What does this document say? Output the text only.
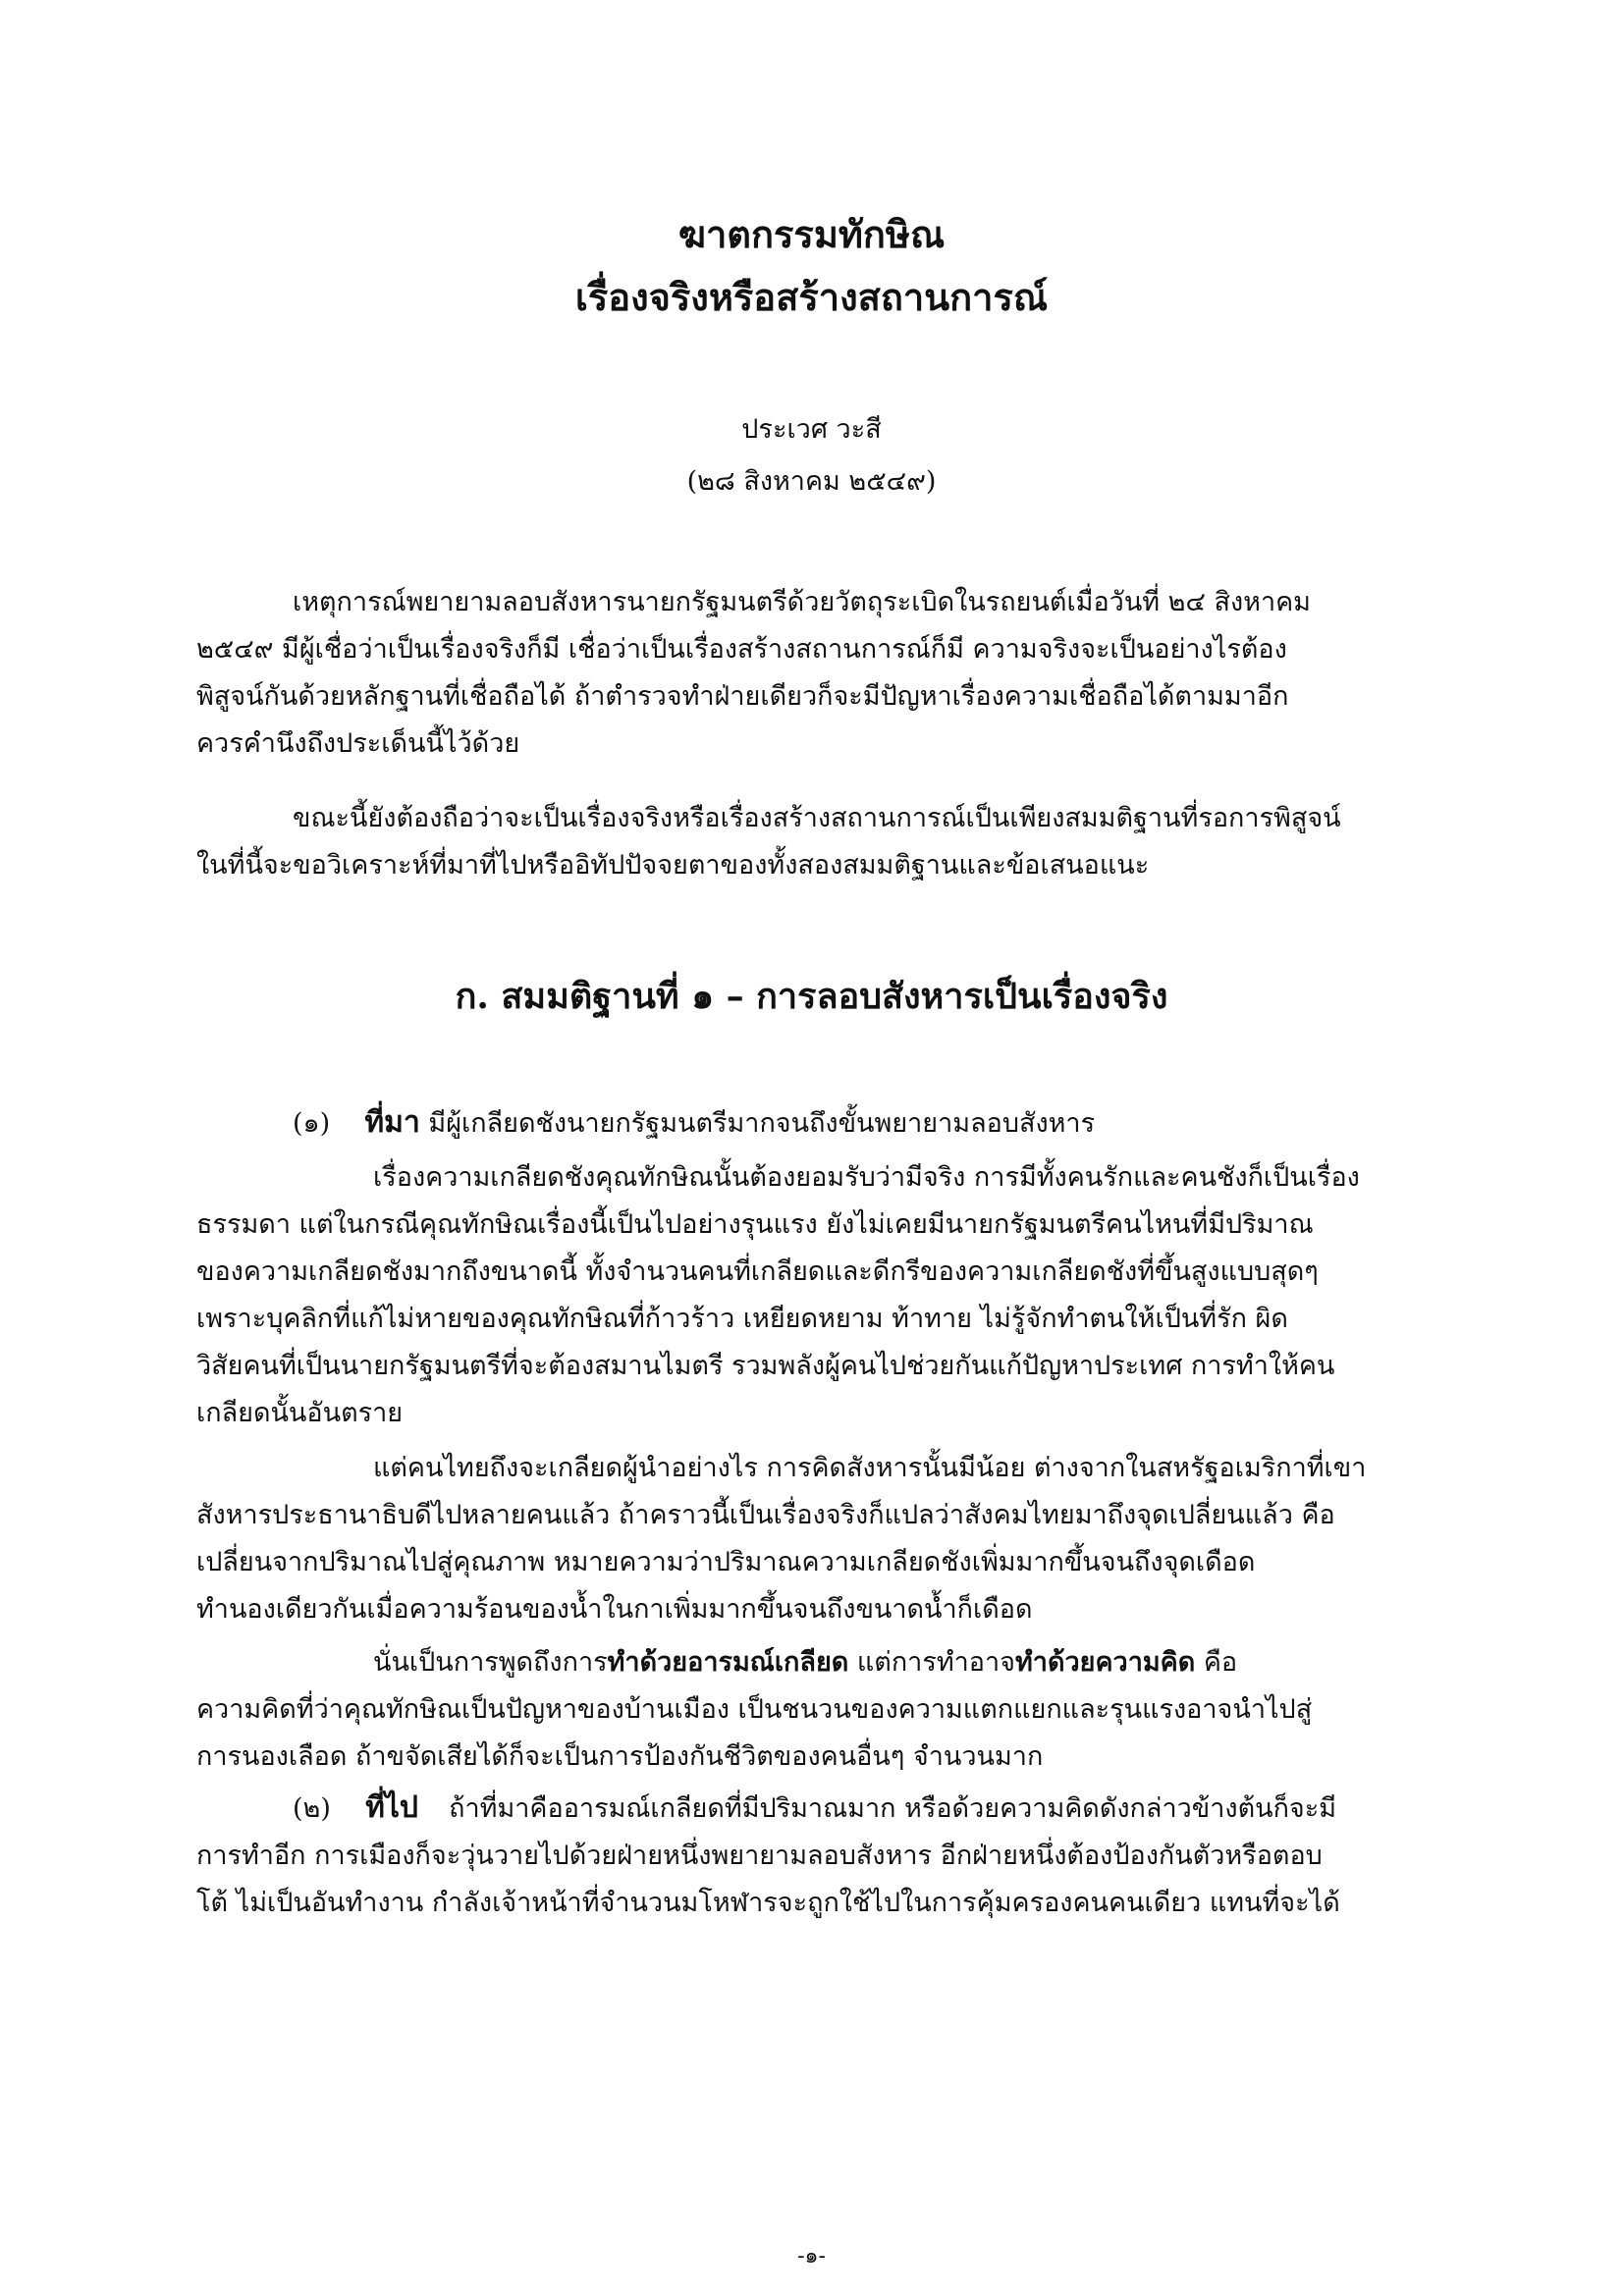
ฆาตกรรมทักษิณ
เรื่องจริงหรือสร้างสถานการณ์
ประเวศ วะสี
(๒๘ สิงหาคม ๒๕๔๙)
เหตุการณ์พยายามลอบสังหารนายกรัฐมนตรีด้วยวัตถุระเบิดในรถยนต์เมื่อวันที่ ๒๔ สิงหาคม
๒๕๔๙ มีผู้เชื่อว่าเป็นเรื่องจริงก็มี เชื่อว่าเป็นเรื่องสร้างสถานการณ์ก็มี ความจริงจะเป็นอย่างไรต้อง
พิสูจน์กันด้วยหลักฐานที่เชื่อถือได้ ถ้าตำรวจทำฝ่ายเดียวก็จะมีปัญหาเรื่องความเชื่อถือได้ตามมาอีก
ควรคำนึงถึงประเด็นนี้ไว้ด้วย
ขณะนี้ยังต้องถือว่าจะเป็นเรื่องจริงหรือเรื่องสร้างสถานการณ์เป็นเพียงสมมติฐานที่รอการพิสูจน์
ในที่นี้จะขอวิเคราะห์ที่มาที่ไปหรืออิทัปปัจจยตาของทั้งสองสมมติฐานและข้อเสนอแนะ
ก. สมมติฐานที่ ๑ – การลอบสังหารเป็นเรื่องจริง
(๑) ที่มา มีผู้เกลียดชังนายกรัฐมนตรีมากจนถึงขั้นพยายามลอบสังหาร
เรื่องความเกลียดชังคุณทักษิณนั้นต้องยอมรับว่ามีจริง การมีทั้งคนรักและคนชังก็เป็นเรื่อง
ธรรมดา แต่ในกรณีคุณทักษิณเรื่องนี้เป็นไปอย่างรุนแรง ยังไม่เคยมีนายกรัฐมนตรีคนไหนที่มีปริมาณ
ของความเกลียดชังมากถึงขนาดนี้ ทั้งจำนวนคนที่เกลียดและดีกรีของความเกลียดชังที่ขึ้นสูงแบบสุดๆ
เพราะบุคลิกที่แก้ไม่หายของคุณทักษิณที่ก้าวร้าว เหยียดหยาม ท้าทาย ไม่รู้จักทำตนให้เป็นที่รัก ผิด
วิสัยคนที่เป็นนายกรัฐมนตรีที่จะต้องสมานไมตรี รวมพลังผู้คนไปช่วยกันแก้ปัญหาประเทศ การทำให้คน
เกลียดนั้นอันตราย
แต่คนไทยถึงจะเกลียดผู้นำอย่างไร การคิดสังหารนั้นมีน้อย ต่างจากในสหรัฐอเมริกาที่เขา
สังหารประธานาธิบดีไปหลายคนแล้ว ถ้าคราวนี้เป็นเรื่องจริงก็แปลว่าสังคมไทยมาถึงจุดเปลี่ยนแล้ว คือ
เปลี่ยนจากปริมาณไปสู่คุณภาพ หมายความว่าปริมาณความเกลียดชังเพิ่มมากขึ้นจนถึงจุดเดือด
ทำนองเดียวกันเมื่อความร้อนของน้ำในกาเพิ่มมากขึ้นจนถึงขนาดน้ำก็เดือด
นั่นเป็นการพูดถึงการทำด้วยอารมณ์เกลียด แต่การทำอาจทำด้วยความคิด คือ
ความคิดที่ว่าคุณทักษิณเป็นปัญหาของบ้านเมือง เป็นชนวนของความแตกแยกและรุนแรงอาจนำไปสู่
การนองเลือด ถ้าขจัดเสียได้ก็จะเป็นการป้องกันชีวิตของคนอื่นๆ จำนวนมาก
(๒) ที่ไป ถ้าที่มาคืออารมณ์เกลียดที่มีปริมาณมาก หรือด้วยความคิดดังกล่าวข้างต้นก็จะมี
การทำอีก การเมืองก็จะวุ่นวายไปด้วยฝ่ายหนึ่งพยายามลอบสังหาร อีกฝ่ายหนึ่งต้องป้องกันตัวหรือตอบ
โต้ ไม่เป็นอันทำงาน กำลังเจ้าหน้าที่จำนวนมโหฬารจะถูกใช้ไปในการคุ้มครองคนคนเดียว แทนที่จะได้
-๑-
